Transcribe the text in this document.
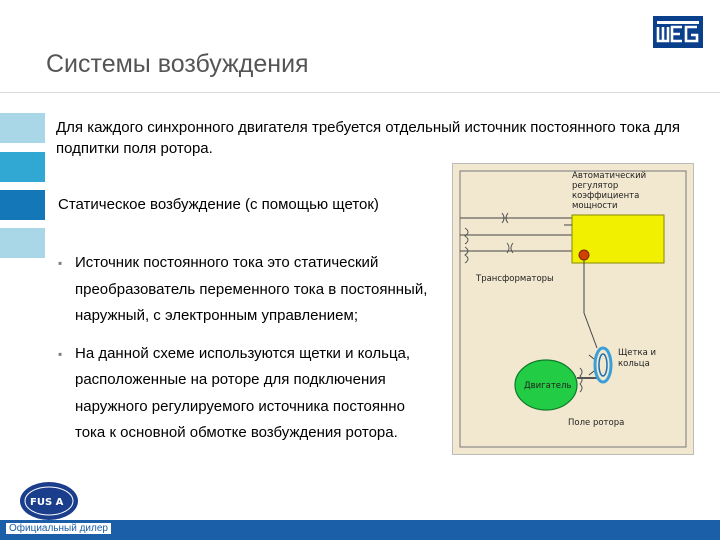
Системы возбуждения
Для каждого синхронного двигателя требуется отдельный источник постоянного тока для подпитки поля ротора.
Статическое возбуждение (с помощью щеток)
▪ Источник постоянного тока это статический преобразователь переменного тока в постоянный, наружный, с электронным управлением;
▪ На данной схеме используются щетки и кольца, расположенные на роторе для подключения наружного регулируемого источника постоянно тока к основной обмотке возбуждения ротора.
Автоматический регулятор коэффициента мощности
Трансформаторы
Двигатель
Щетка и кольца
Поле ротора
FUS A
Официальный дилер
